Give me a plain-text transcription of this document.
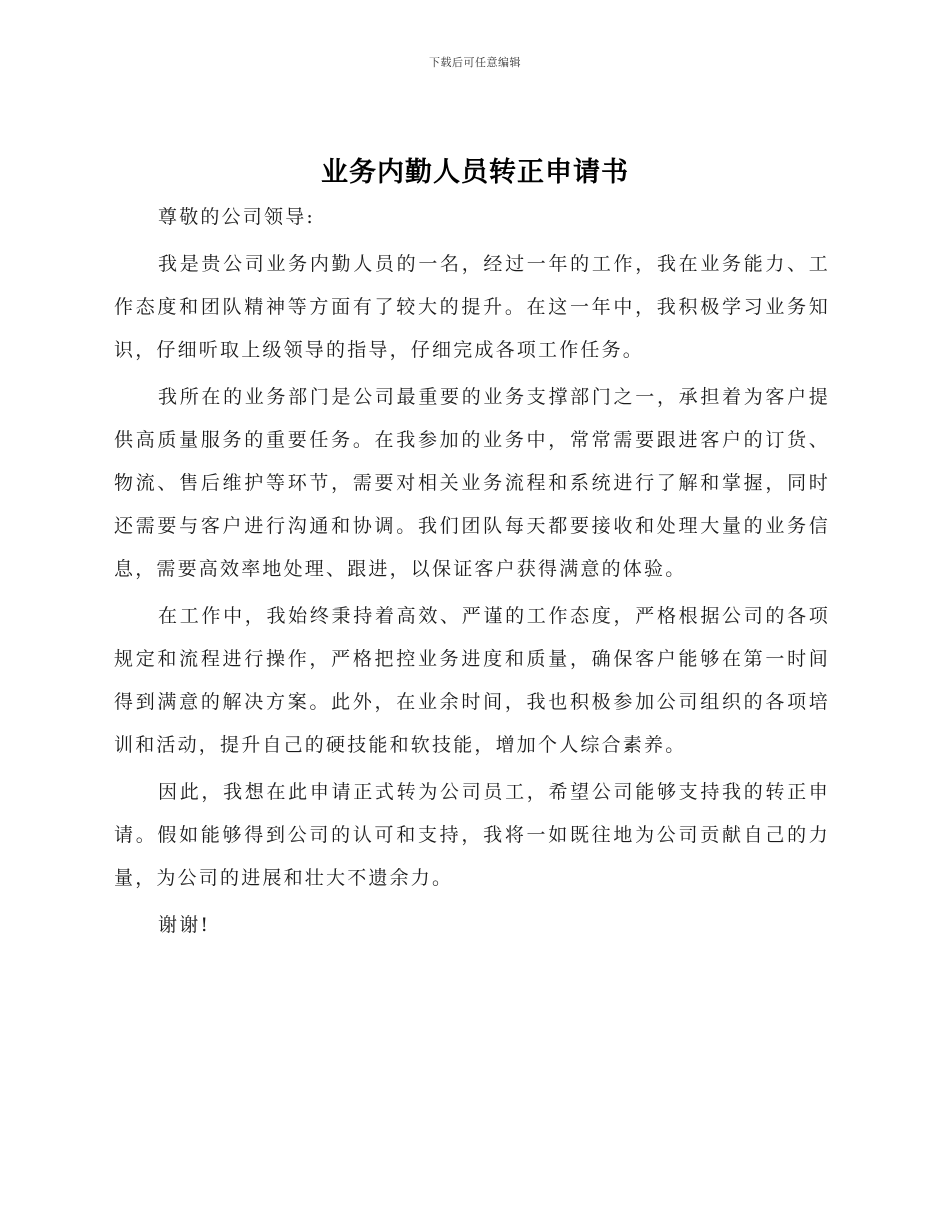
下载后可任意编辑
业务内勤人员转正申请书

尊敬的公司领导:

我是贵公司业务内勤人员的一名，经过一年的工作，我在业务能力、工作态度和团队精神等方面有了较大的提升。在这一年中，我积极学习业务知识，仔细听取上级领导的指导，仔细完成各项工作任务。

我所在的业务部门是公司最重要的业务支撑部门之一，承担着为客户提供高质量服务的重要任务。在我参加的业务中，常常需要跟进客户的订货、物流、售后维护等环节，需要对相关业务流程和系统进行了解和掌握，同时还需要与客户进行沟通和协调。我们团队每天都要接收和处理大量的业务信息，需要高效率地处理、跟进，以保证客户获得满意的体验。

在工作中，我始终秉持着高效、严谨的工作态度，严格根据公司的各项规定和流程进行操作，严格把控业务进度和质量，确保客户能够在第一时间得到满意的解决方案。此外，在业余时间，我也积极参加公司组织的各项培训和活动，提升自己的硬技能和软技能，增加个人综合素养。

因此，我想在此申请正式转为公司员工，希望公司能够支持我的转正申请。假如能够得到公司的认可和支持，我将一如既往地为公司贡献自己的力量，为公司的进展和壮大不遗余力。

谢谢!
